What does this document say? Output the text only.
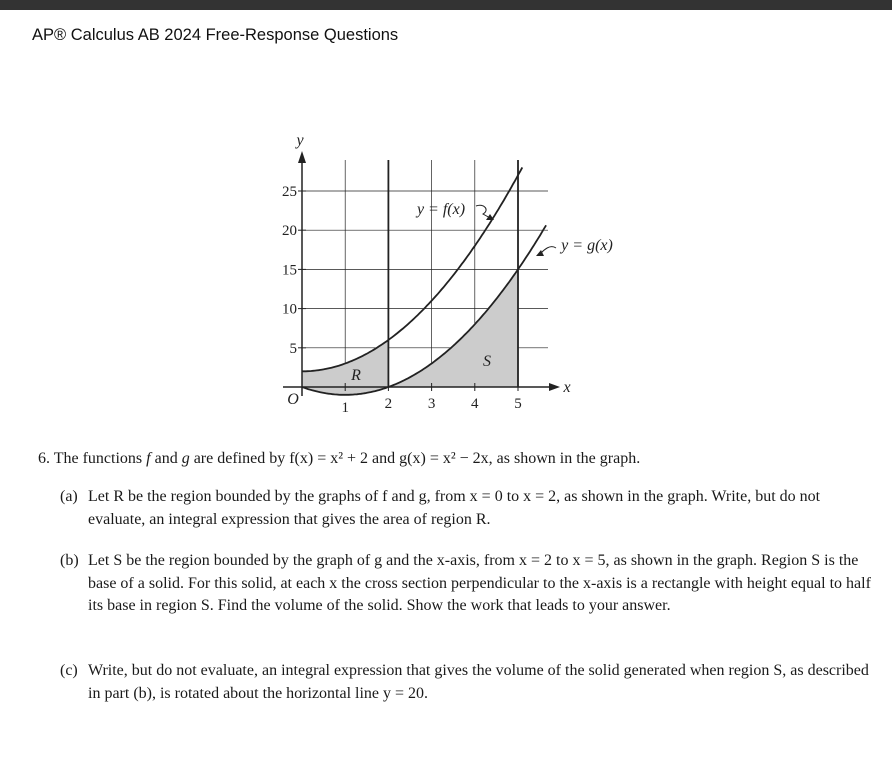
AP® Calculus AB 2024 Free-Response Questions
25
20
15
10
5
1 2 3 4 5
y
x
O
y = f(x)
y = g(x)
R
S
6. The functions f and g are defined by f(x) = x² + 2 and g(x) = x² − 2x, as shown in the graph.
(a) Let R be the region bounded by the graphs of f and g, from x = 0 to x = 2, as shown in the graph. Write, but do not evaluate, an integral expression that gives the area of region R.
(b) Let S be the region bounded by the graph of g and the x-axis, from x = 2 to x = 5, as shown in the graph. Region S is the base of a solid. For this solid, at each x the cross section perpendicular to the x-axis is a rectangle with height equal to half its base in region S. Find the volume of the solid. Show the work that leads to your answer.
(c) Write, but do not evaluate, an integral expression that gives the volume of the solid generated when region S, as described in part (b), is rotated about the horizontal line y = 20.
